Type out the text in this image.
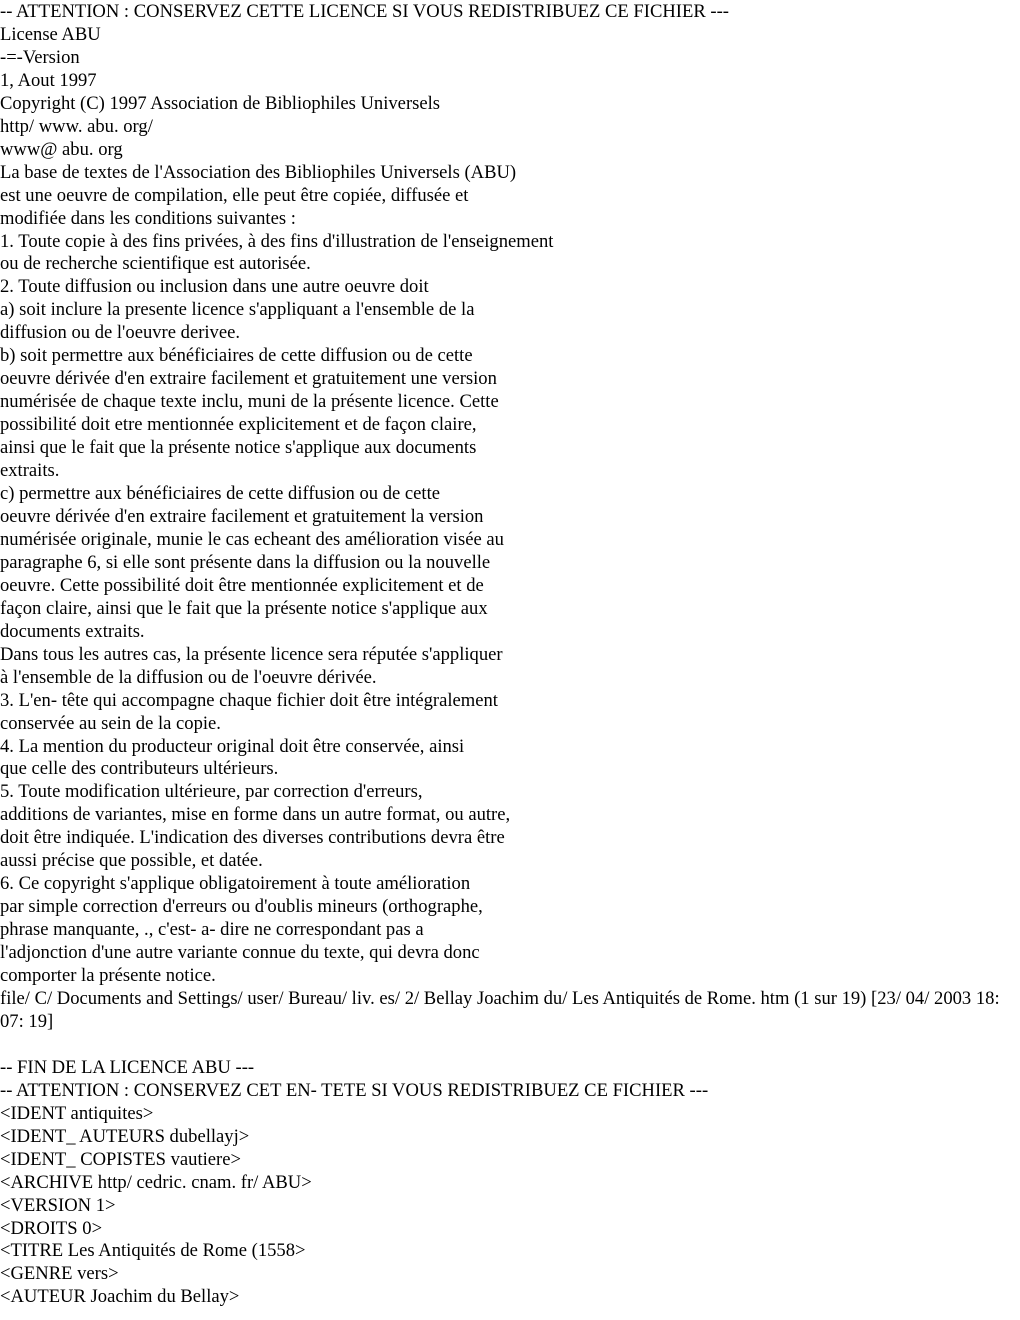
-- ATTENTION : CONSERVEZ CETTE LICENCE SI VOUS REDISTRIBUEZ CE FICHIER ---
License ABU
-=-Version
1, Aout 1997
Copyright (C) 1997 Association de Bibliophiles Universels
http/ www. abu. org/
www@ abu. org
La base de textes de l'Association des Bibliophiles Universels (ABU)
est une oeuvre de compilation, elle peut être copiée, diffusée et
modifiée dans les conditions suivantes :
1. Toute copie à des fins privées, à des fins d'illustration de l'enseignement
ou de recherche scientifique est autorisée.
2. Toute diffusion ou inclusion dans une autre oeuvre doit
a) soit inclure la presente licence s'appliquant a l'ensemble de la
diffusion ou de l'oeuvre derivee.
b) soit permettre aux bénéficiaires de cette diffusion ou de cette
oeuvre dérivée d'en extraire facilement et gratuitement une version
numérisée de chaque texte inclu, muni de la présente licence. Cette
possibilité doit etre mentionnée explicitement et de façon claire,
ainsi que le fait que la présente notice s'applique aux documents
extraits.
c) permettre aux bénéficiaires de cette diffusion ou de cette
oeuvre dérivée d'en extraire facilement et gratuitement la version
numérisée originale, munie le cas echeant des amélioration visée au
paragraphe 6, si elle sont présente dans la diffusion ou la nouvelle
oeuvre. Cette possibilité doit être mentionnée explicitement et de
façon claire, ainsi que le fait que la présente notice s'applique aux
documents extraits.
Dans tous les autres cas, la présente licence sera réputée s'appliquer
à l'ensemble de la diffusion ou de l'oeuvre dérivée.
3. L'en- tête qui accompagne chaque fichier doit être intégralement
conservée au sein de la copie.
4. La mention du producteur original doit être conservée, ainsi
que celle des contributeurs ultérieurs.
5. Toute modification ultérieure, par correction d'erreurs,
additions de variantes, mise en forme dans un autre format, ou autre,
doit être indiquée. L'indication des diverses contributions devra être
aussi précise que possible, et datée.
6. Ce copyright s'applique obligatoirement à toute amélioration
par simple correction d'erreurs ou d'oublis mineurs (orthographe,
phrase manquante, ., c'est- a- dire ne correspondant pas a
l'adjonction d'une autre variante connue du texte, qui devra donc
comporter la présente notice.
file/ C/ Documents and Settings/ user/ Bureau/ liv. es/ 2/ Bellay Joachim du/ Les Antiquités de Rome. htm (1 sur 19) [23/ 04/ 2003 18: 07: 19]
-- FIN DE LA LICENCE ABU ---
-- ATTENTION : CONSERVEZ CET EN- TETE SI VOUS REDISTRIBUEZ CE FICHIER ---
<IDENT antiquites>
<IDENT_ AUTEURS dubellayj>
<IDENT_ COPISTES vautiere>
<ARCHIVE http/ cedric. cnam. fr/ ABU>
<VERSION 1>
<DROITS 0>
<TITRE Les Antiquités de Rome (1558>
<GENRE vers>
<AUTEUR Joachim du Bellay>
